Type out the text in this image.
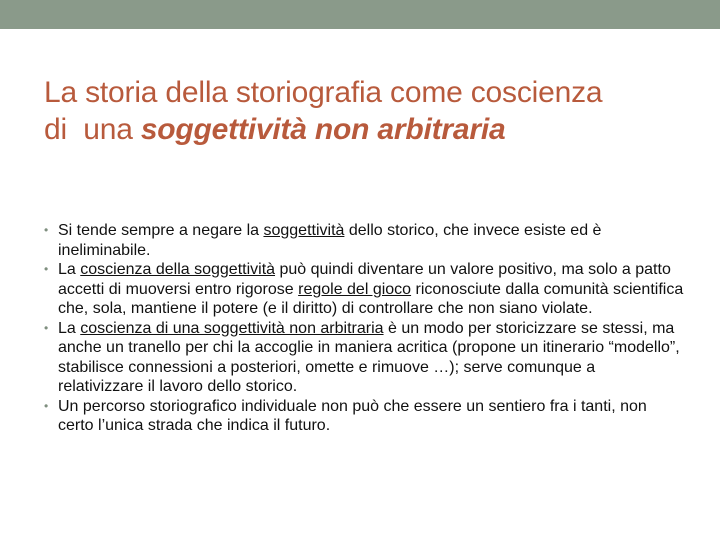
La storia della storiografia come coscienza
di  una soggettività non arbitraria
• Si tende sempre a negare la soggettività dello storico, che invece esiste ed è ineliminabile.
• La coscienza della soggettività può quindi diventare un valore positivo, ma solo a patto accetti di muoversi entro rigorose regole del gioco riconosciute dalla comunità scientifica che, sola, mantiene il potere (e il diritto) di controllare che non siano violate.
• La coscienza di una soggettività non arbitraria è un modo per storicizzare se stessi, ma anche un tranello per chi la accoglie in maniera acritica (propone un itinerario “modello”, stabilisce connessioni a posteriori, omette e rimuove …); serve comunque a relativizzare il lavoro dello storico.
• Un percorso storiografico individuale non può che essere un sentiero fra i tanti, non certo l’unica strada che indica il futuro.
